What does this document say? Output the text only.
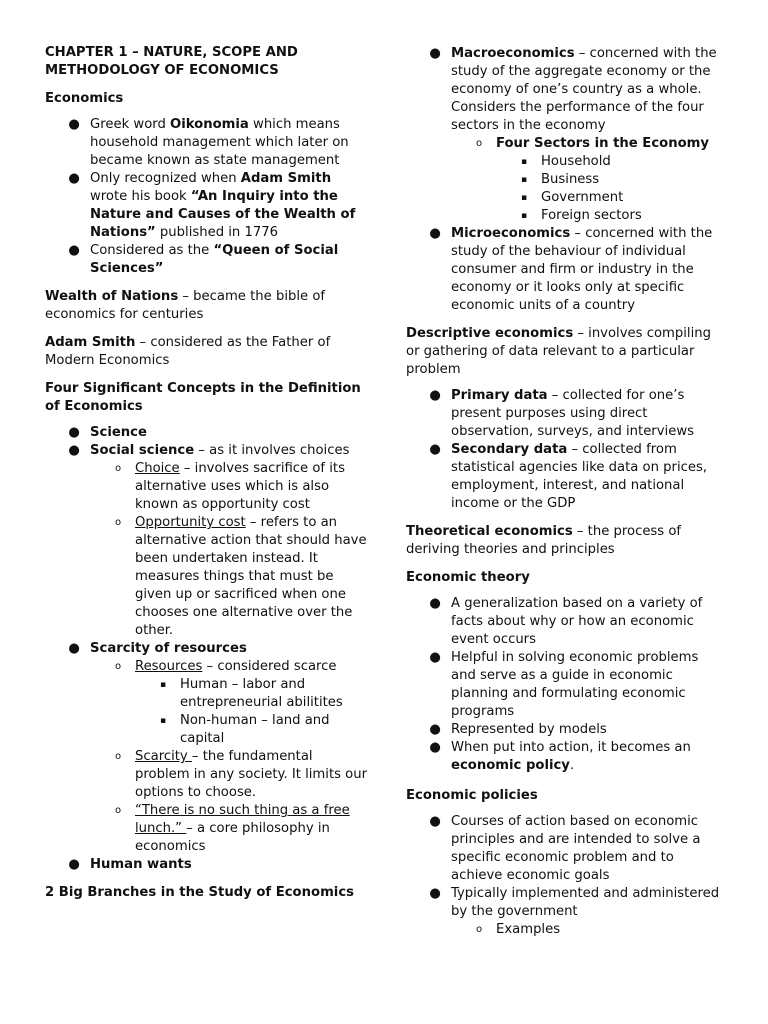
CHAPTER 1 – NATURE, SCOPE AND
METHODOLOGY OF ECONOMICS

Economics

● Greek word Oikonomia which means household management which later on became known as state management
● Only recognized when Adam Smith wrote his book “An Inquiry into the Nature and Causes of the Wealth of Nations” published in 1776
● Considered as the “Queen of Social Sciences”

Wealth of Nations – became the bible of economics for centuries

Adam Smith – considered as the Father of Modern Economics

Four Significant Concepts in the Definition of Economics

● Science
● Social science – as it involves choices
o Choice – involves sacrifice of its alternative uses which is also known as opportunity cost
o Opportunity cost – refers to an alternative action that should have been undertaken instead. It measures things that must be given up or sacrificed when one chooses one alternative over the other.
● Scarcity of resources
o Resources – considered scarce
▪ Human – labor and entrepreneurial abilitites
▪ Non-human – land and capital
o Scarcity – the fundamental problem in any society. It limits our options to choose.
o “There is no such thing as a free lunch.” – a core philosophy in economics
● Human wants

2 Big Branches in the Study of Economics

● Macroeconomics – concerned with the study of the aggregate economy or the economy of one’s country as a whole. Considers the performance of the four sectors in the economy
o Four Sectors in the Economy
▪ Household
▪ Business
▪ Government
▪ Foreign sectors
● Microeconomics – concerned with the study of the behaviour of individual consumer and firm or industry in the economy or it looks only at specific economic units of a country

Descriptive economics – involves compiling or gathering of data relevant to a particular problem

● Primary data – collected for one’s present purposes using direct observation, surveys, and interviews
● Secondary data – collected from statistical agencies like data on prices, employment, interest, and national income or the GDP

Theoretical economics – the process of deriving theories and principles

Economic theory

● A generalization based on a variety of facts about why or how an economic event occurs
● Helpful in solving economic problems and serve as a guide in economic planning and formulating economic programs
● Represented by models
● When put into action, it becomes an economic policy.

Economic policies

● Courses of action based on economic principles and are intended to solve a specific economic problem and to achieve economic goals
● Typically implemented and administered by the government
o Examples
